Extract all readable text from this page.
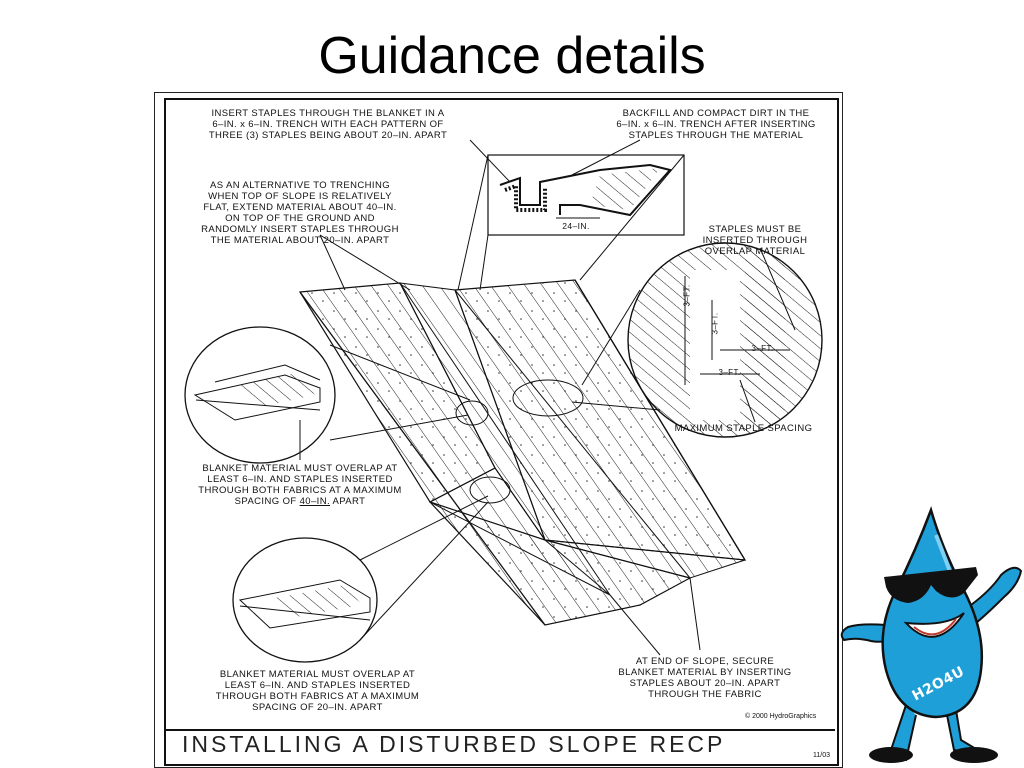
Guidance details
INSERT STAPLES THROUGH THE BLANKET IN A
6–IN. x 6–IN. TRENCH WITH EACH PATTERN OF
THREE (3) STAPLES BEING ABOUT 20–IN. APART
BACKFILL AND COMPACT DIRT IN THE
6–IN. x 6–IN. TRENCH AFTER INSERTING
STAPLES THROUGH THE MATERIAL
AS AN ALTERNATIVE TO TRENCHING
WHEN TOP OF SLOPE IS RELATIVELY
FLAT, EXTEND MATERIAL ABOUT 40–IN.
ON TOP OF THE GROUND AND
RANDOMLY INSERT STAPLES THROUGH
THE MATERIAL ABOUT 20–IN. APART
24–IN.	STAPLES MUST BE
INSERTED THROUGH
OVERLAP MATERIAL
MAXIMUM STAPLE SPACING
3–FT.
3–FT.
3–FT.
3–FT.
BLANKET MATERIAL MUST OVERLAP AT
LEAST 6–IN. AND STAPLES INSERTED
THROUGH BOTH FABRICS AT A MAXIMUM
SPACING OF 40–IN. APART
BLANKET MATERIAL MUST OVERLAP AT
LEAST 6–IN. AND STAPLES INSERTED
THROUGH BOTH FABRICS AT A MAXIMUM
SPACING OF 20–IN. APART
AT END OF SLOPE, SECURE
BLANKET MATERIAL BY INSERTING
STAPLES ABOUT 20–IN. APART
THROUGH THE FABRIC
© 2000 HydroGraphics
INSTALLING A DISTURBED SLOPE RECP	11/03
H2O4U
